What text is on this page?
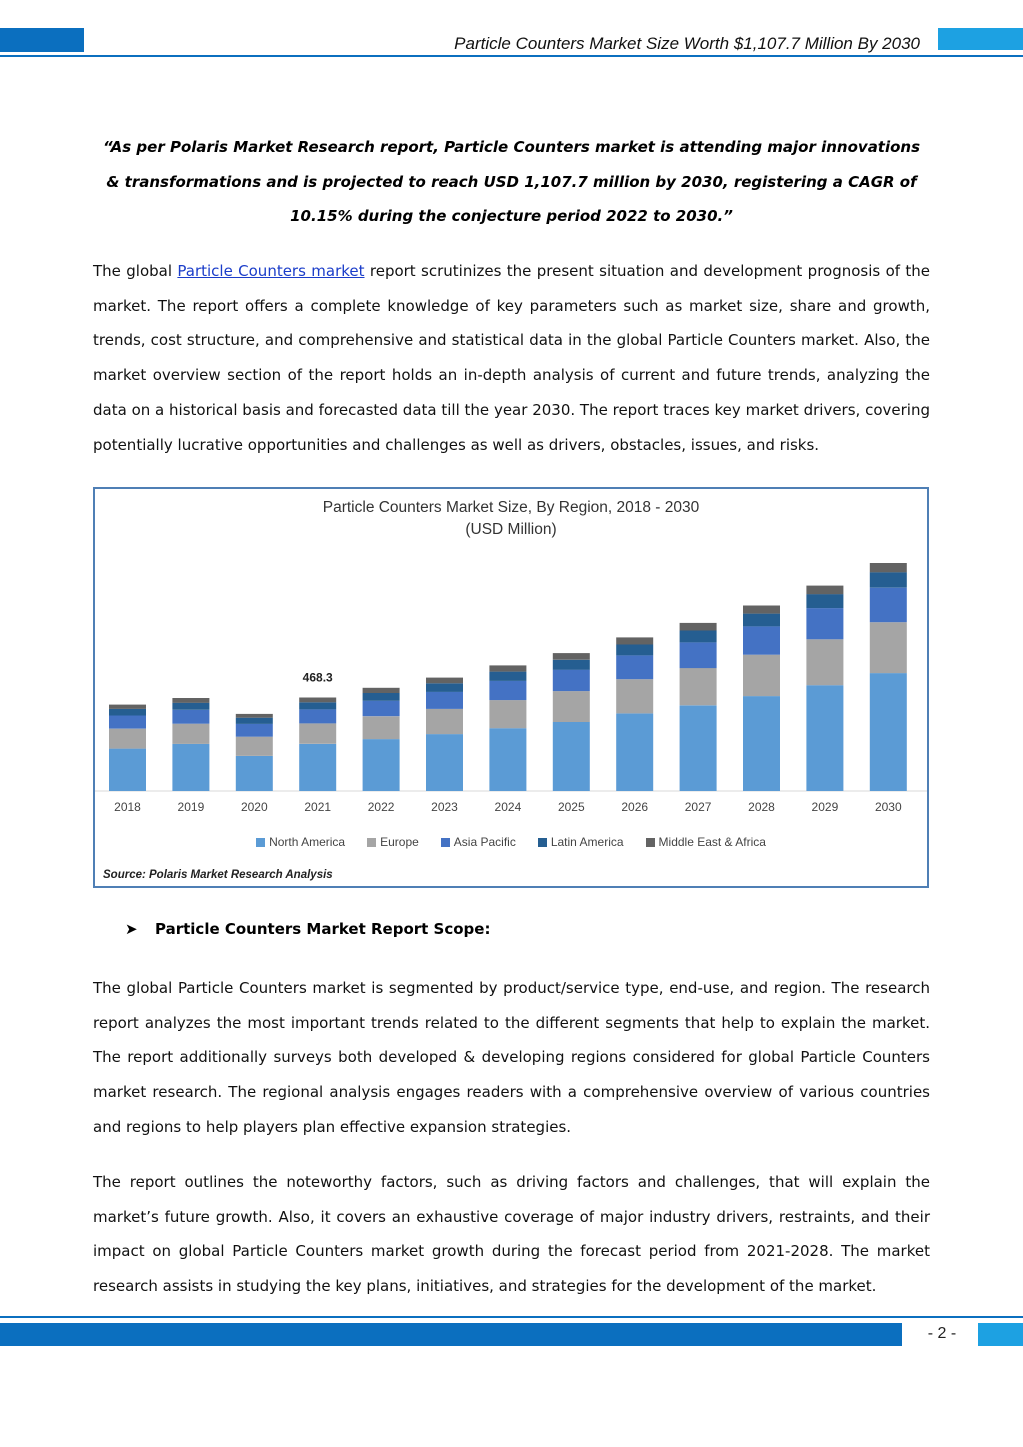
Particle Counters Market Size Worth $1,107.7 Million By 2030
“As per Polaris Market Research report, Particle Counters market is attending major innovations & transformations and is projected to reach USD 1,107.7 million by 2030, registering a CAGR of 10.15% during the conjecture period 2022 to 2030.”

The global Particle Counters market report scrutinizes the present situation and development prognosis of the market. The report offers a complete knowledge of key parameters such as market size, share and growth, trends, cost structure, and comprehensive and statistical data in the global Particle Counters market. Also, the market overview section of the report holds an in-depth analysis of current and future trends, analyzing the data on a historical basis and forecasted data till the year 2030. The report traces key market drivers, covering potentially lucrative opportunities and challenges as well as drivers, obstacles, issues, and risks.

2018	2019	2020	2021
468.3
2022	2023	2024	2025	2026	2027	2028	2029	2030
Particle Counters Market Size, By Region, 2018 - 2030
(USD Million)
North America	Europe	Asia Pacific	Latin America	Middle East & Africa
Source: Polaris Market Research Analysis
➤ Particle Counters Market Report Scope:

The global Particle Counters market is segmented by product/service type, end-use, and region. The research report analyzes the most important trends related to the different segments that help to explain the market. The report additionally surveys both developed & developing regions considered for global Particle Counters market research. The regional analysis engages readers with a comprehensive overview of various countries and regions to help players plan effective expansion strategies.

The report outlines the noteworthy factors, such as driving factors and challenges, that will explain the market’s future growth. Also, it covers an exhaustive coverage of major industry drivers, restraints, and their impact on global Particle Counters market growth during the forecast period from 2021-2028. The market research assists in studying the key plans, initiatives, and strategies for the development of the market.

- 2 -
